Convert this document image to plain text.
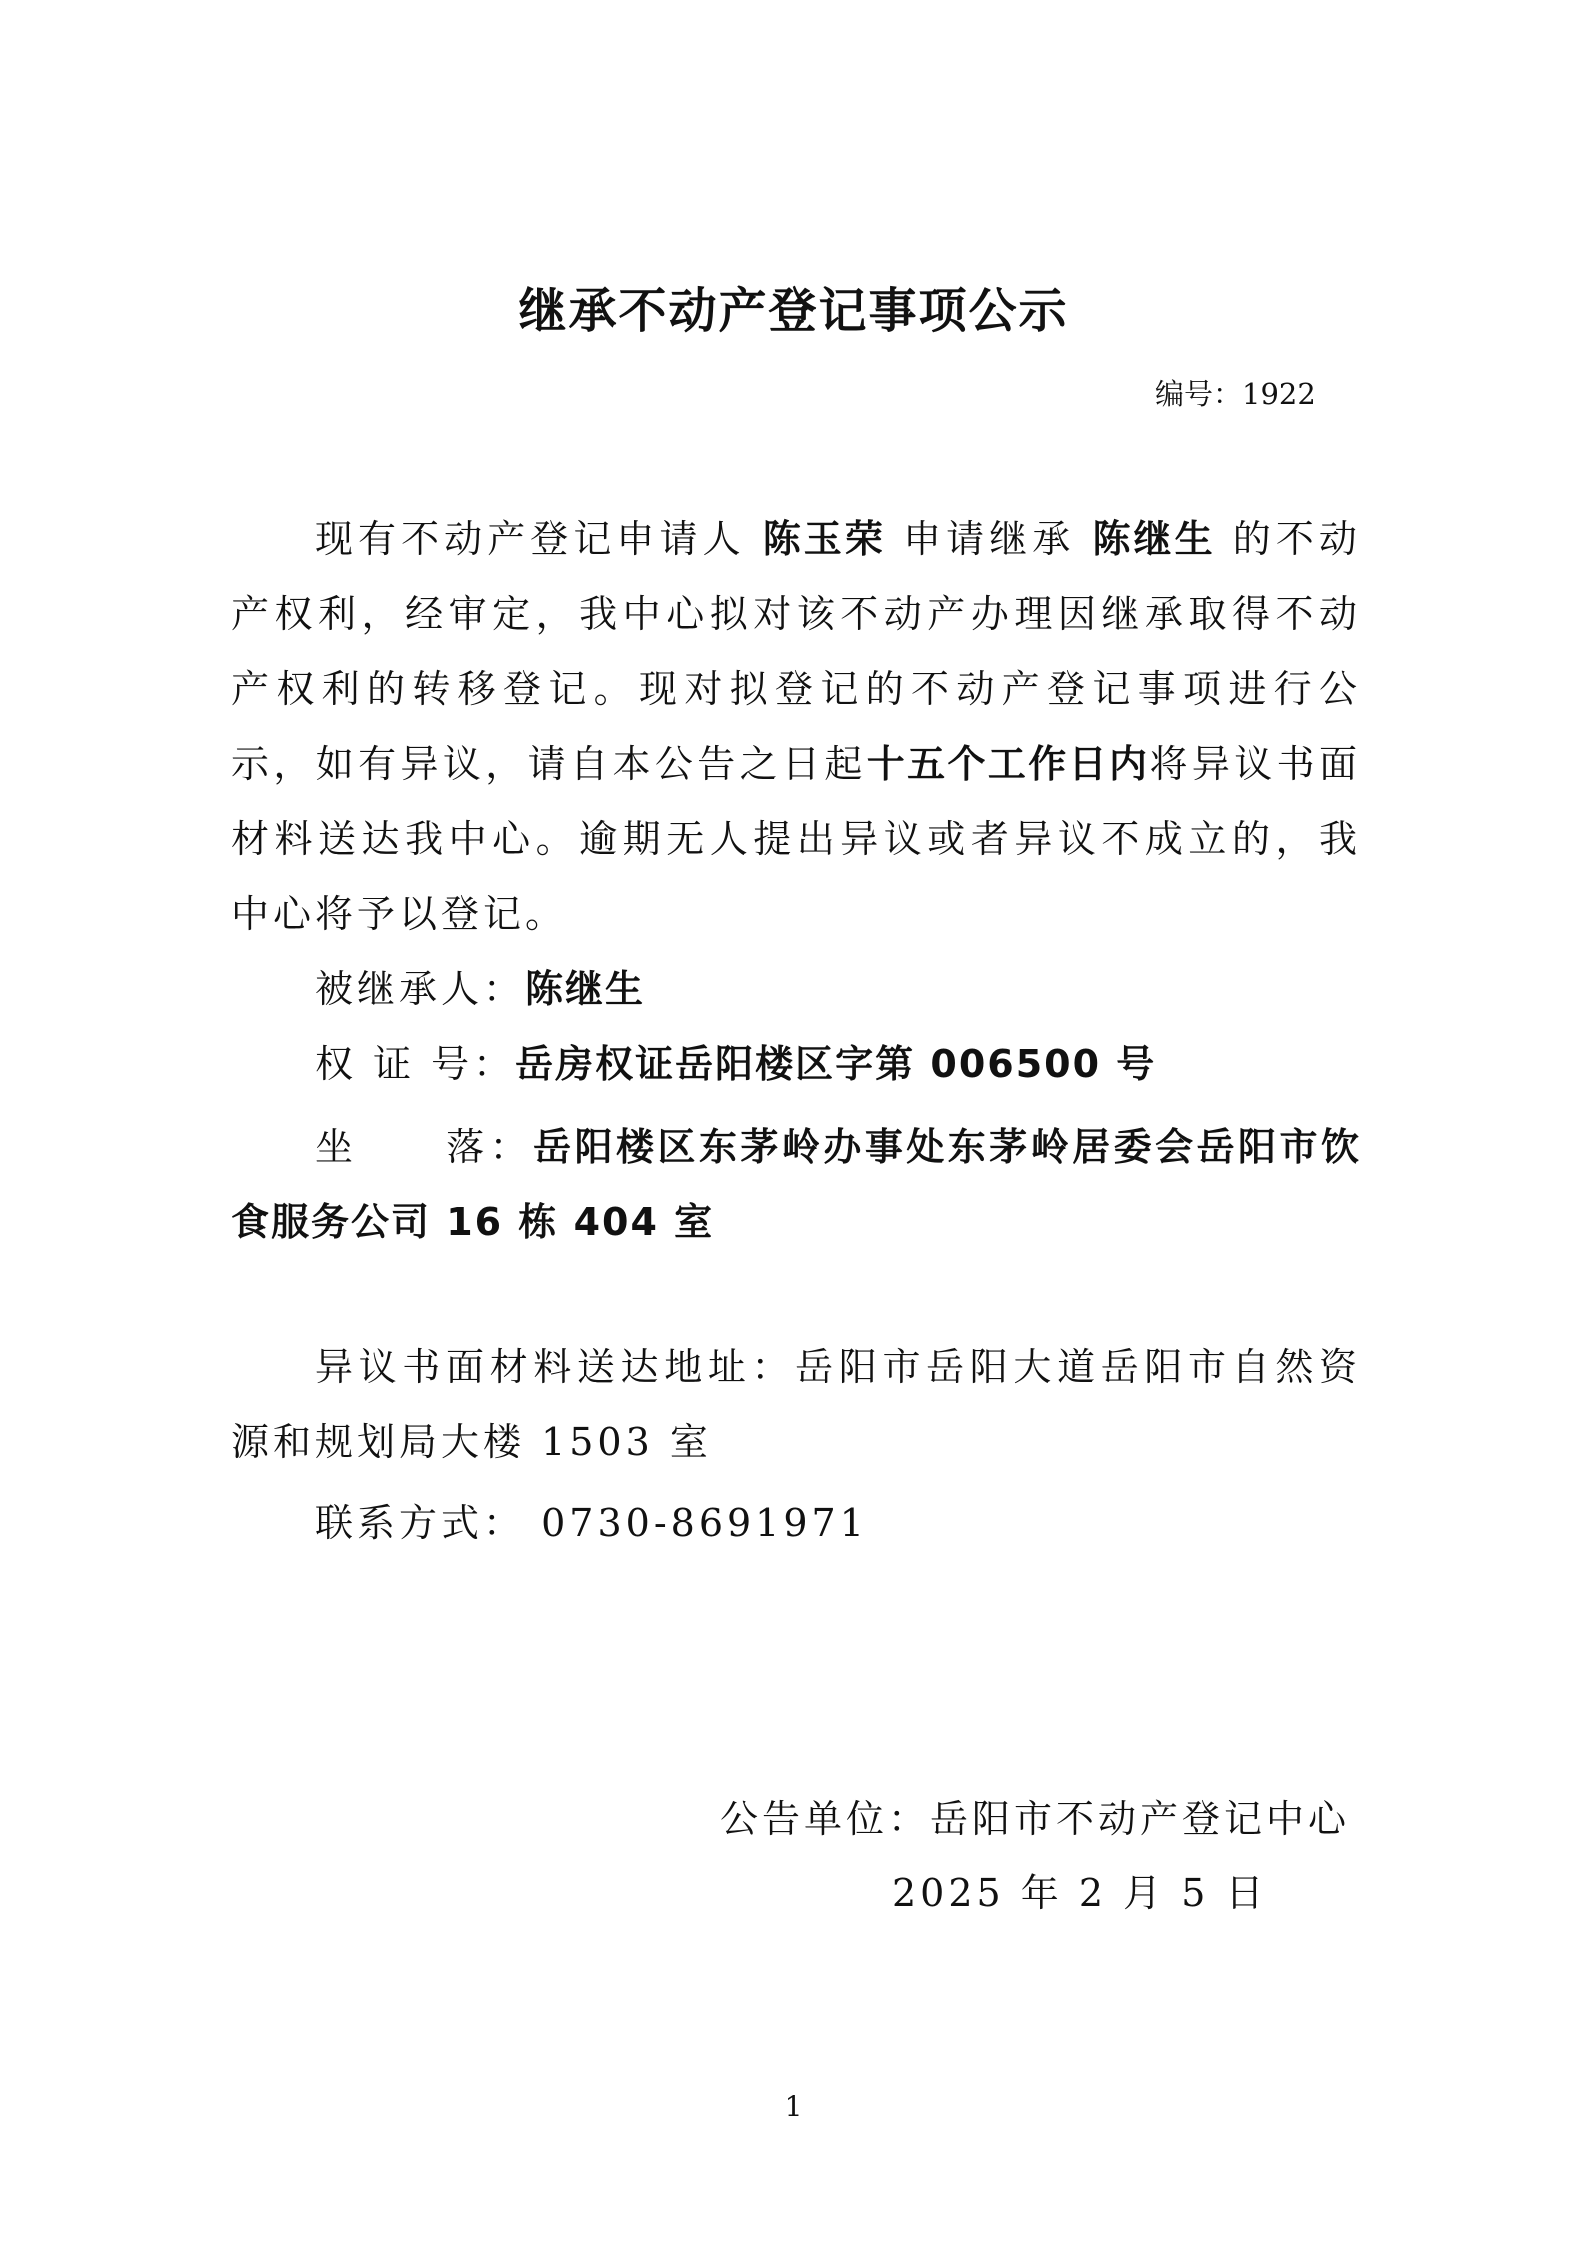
继承不动产登记事项公示
编号：1922
现有不动产登记申请人 陈玉荣 申请继承 陈继生 的不动产权利，经审定，我中心拟对该不动产办理因继承取得不动产权利的转移登记。现对拟登记的不动产登记事项进行公示，如有异议，请自本公告之日起十五个工作日内将异议书面材料送达我中心。逾期无人提出异议或者异议不成立的，我中心将予以登记。
被继承人：陈继生
权 证 号：岳房权证岳阳楼区字第 006500 号
坐     落：岳阳楼区东茅岭办事处东茅岭居委会岳阳市饮食服务公司 16 栋 404 室
异议书面材料送达地址：岳阳市岳阳大道岳阳市自然资源和规划局大楼 1503 室
联系方式： 0730-8691971
公告单位：岳阳市不动产登记中心
2025 年 2 月 5 日
1
